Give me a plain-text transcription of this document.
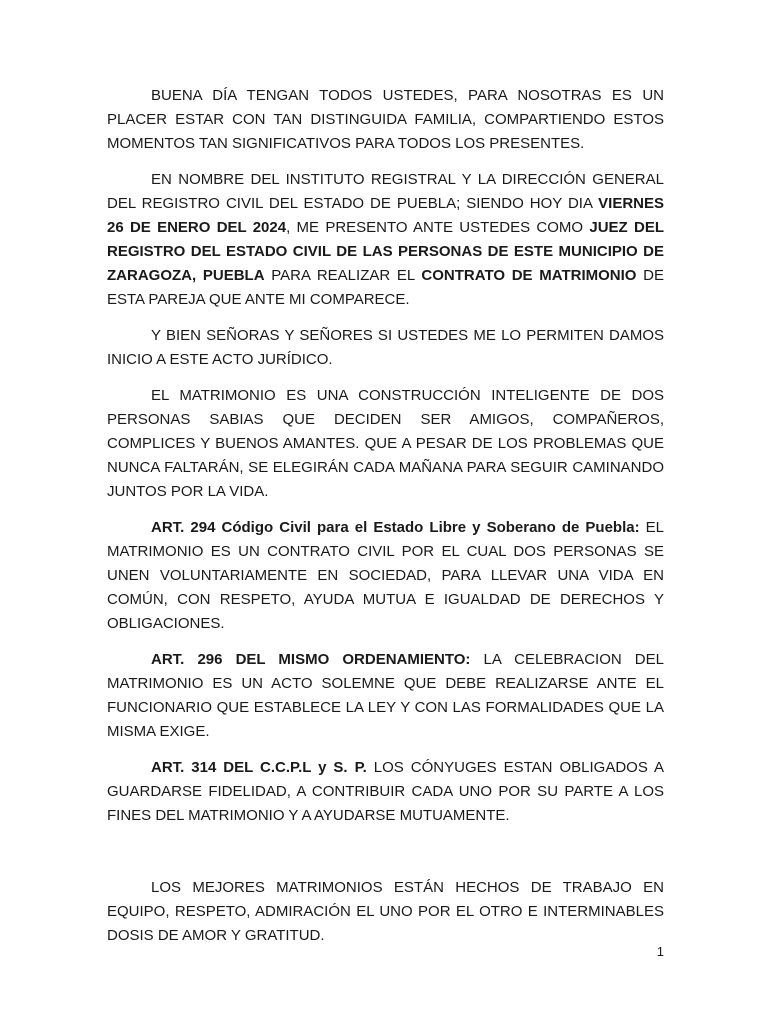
BUENA DÍA TENGAN TODOS USTEDES, PARA NOSOTRAS ES UN PLACER ESTAR CON TAN DISTINGUIDA FAMILIA, COMPARTIENDO ESTOS MOMENTOS TAN SIGNIFICATIVOS PARA TODOS LOS PRESENTES.

EN NOMBRE DEL INSTITUTO REGISTRAL Y LA DIRECCIÓN GENERAL DEL REGISTRO CIVIL DEL ESTADO DE PUEBLA; SIENDO HOY DIA VIERNES 26 DE ENERO DEL 2024, ME PRESENTO ANTE USTEDES COMO JUEZ DEL REGISTRO DEL ESTADO CIVIL DE LAS PERSONAS DE ESTE MUNICIPIO DE ZARAGOZA, PUEBLA PARA REALIZAR EL CONTRATO DE MATRIMONIO DE ESTA PAREJA QUE ANTE MI COMPARECE.

Y BIEN SEÑORAS Y SEÑORES SI USTEDES ME LO PERMITEN DAMOS INICIO A ESTE ACTO JURÍDICO.

EL MATRIMONIO ES UNA CONSTRUCCIÓN INTELIGENTE DE DOS PERSONAS SABIAS QUE DECIDEN SER AMIGOS, COMPAÑEROS, COMPLICES Y BUENOS AMANTES. QUE A PESAR DE LOS PROBLEMAS QUE NUNCA FALTARÁN, SE ELEGIRÁN CADA MAÑANA PARA SEGUIR CAMINANDO JUNTOS POR LA VIDA.

ART. 294 Código Civil para el Estado Libre y Soberano de Puebla: EL MATRIMONIO ES UN CONTRATO CIVIL POR EL CUAL DOS PERSONAS SE UNEN VOLUNTARIAMENTE EN SOCIEDAD, PARA LLEVAR UNA VIDA EN COMÚN, CON RESPETO, AYUDA MUTUA E IGUALDAD DE DERECHOS Y OBLIGACIONES.

ART. 296 DEL MISMO ORDENAMIENTO: LA CELEBRACION DEL MATRIMONIO ES UN ACTO SOLEMNE QUE DEBE REALIZARSE ANTE EL FUNCIONARIO QUE ESTABLECE LA LEY Y CON LAS FORMALIDADES QUE LA MISMA EXIGE.

ART. 314 DEL C.C.P.L y S. P. LOS CÓNYUGES ESTAN OBLIGADOS A GUARDARSE FIDELIDAD, A CONTRIBUIR CADA UNO POR SU PARTE A LOS FINES DEL MATRIMONIO Y A AYUDARSE MUTUAMENTE.

LOS MEJORES MATRIMONIOS ESTÁN HECHOS DE TRABAJO EN EQUIPO, RESPETO, ADMIRACIÓN EL UNO POR EL OTRO E INTERMINABLES DOSIS DE AMOR Y GRATITUD.

1
